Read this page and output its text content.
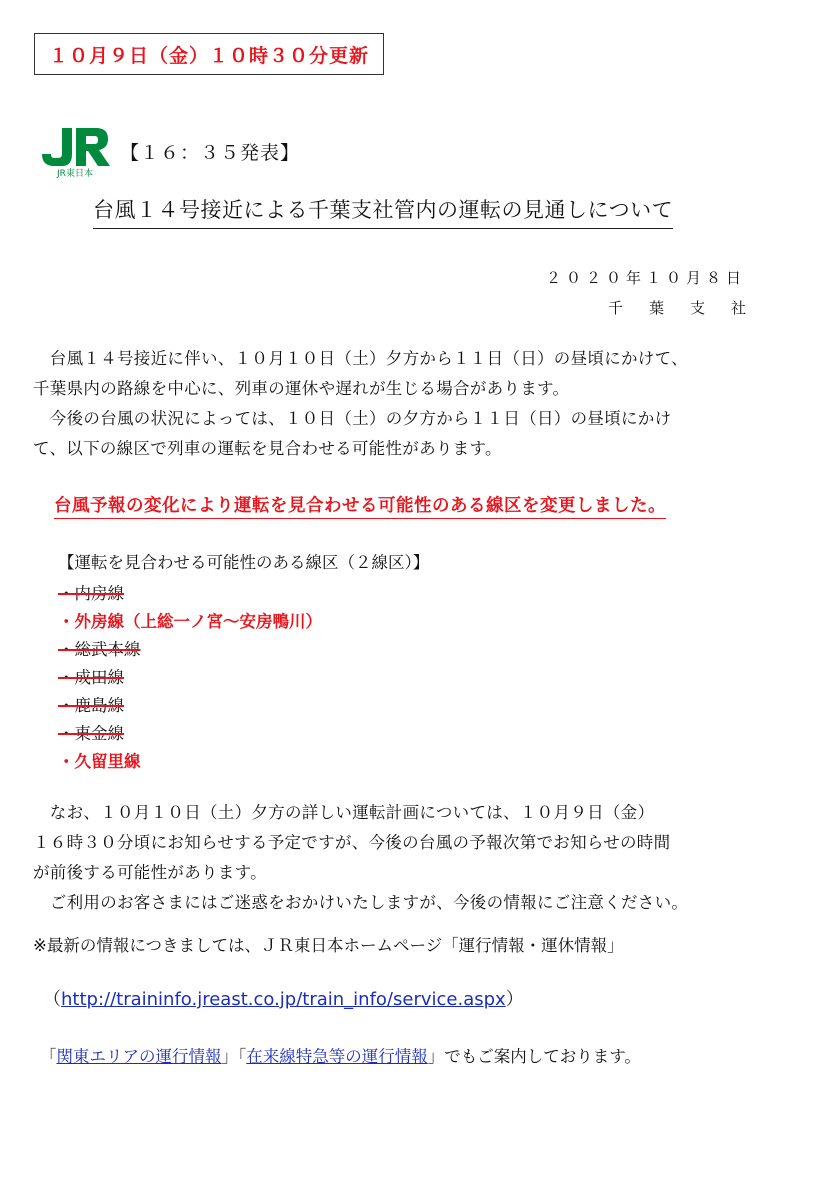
１０月９日（金）１０時３０分更新
JR東日本
【１６：３５発表】
台風１４号接近による千葉支社管内の運転の見通しについて
２０２０年１０月８日
千葉支社
　台風１４号接近に伴い、１０月１０日（土）夕方から１１日（日）の昼頃にかけて、
千葉県内の路線を中心に、列車の運休や遅れが生じる場合があります。
　今後の台風の状況によっては、１０日（土）の夕方から１１日（日）の昼頃にかけ
て、以下の線区で列車の運転を見合わせる可能性があります。
台風予報の変化により運転を見合わせる可能性のある線区を変更しました。
【運転を見合わせる可能性のある線区（２線区）】
・内房線
・外房線（上総一ノ宮～安房鴨川）
・総武本線
・成田線
・鹿島線
・東金線
・久留里線
　なお、１０月１０日（土）夕方の詳しい運転計画については、１０月９日（金）
１６時３０分頃にお知らせする予定ですが、今後の台風の予報次第でお知らせの時間
が前後する可能性があります。
　ご利用のお客さまにはご迷惑をおかけいたしますが、今後の情報にご注意ください。
※最新の情報につきましては、ＪＲ東日本ホームページ「運行情報・運休情報」
（http://traininfo.jreast.co.jp/train_info/service.aspx）
「関東エリアの運行情報」「在来線特急等の運行情報」でもご案内しております。
